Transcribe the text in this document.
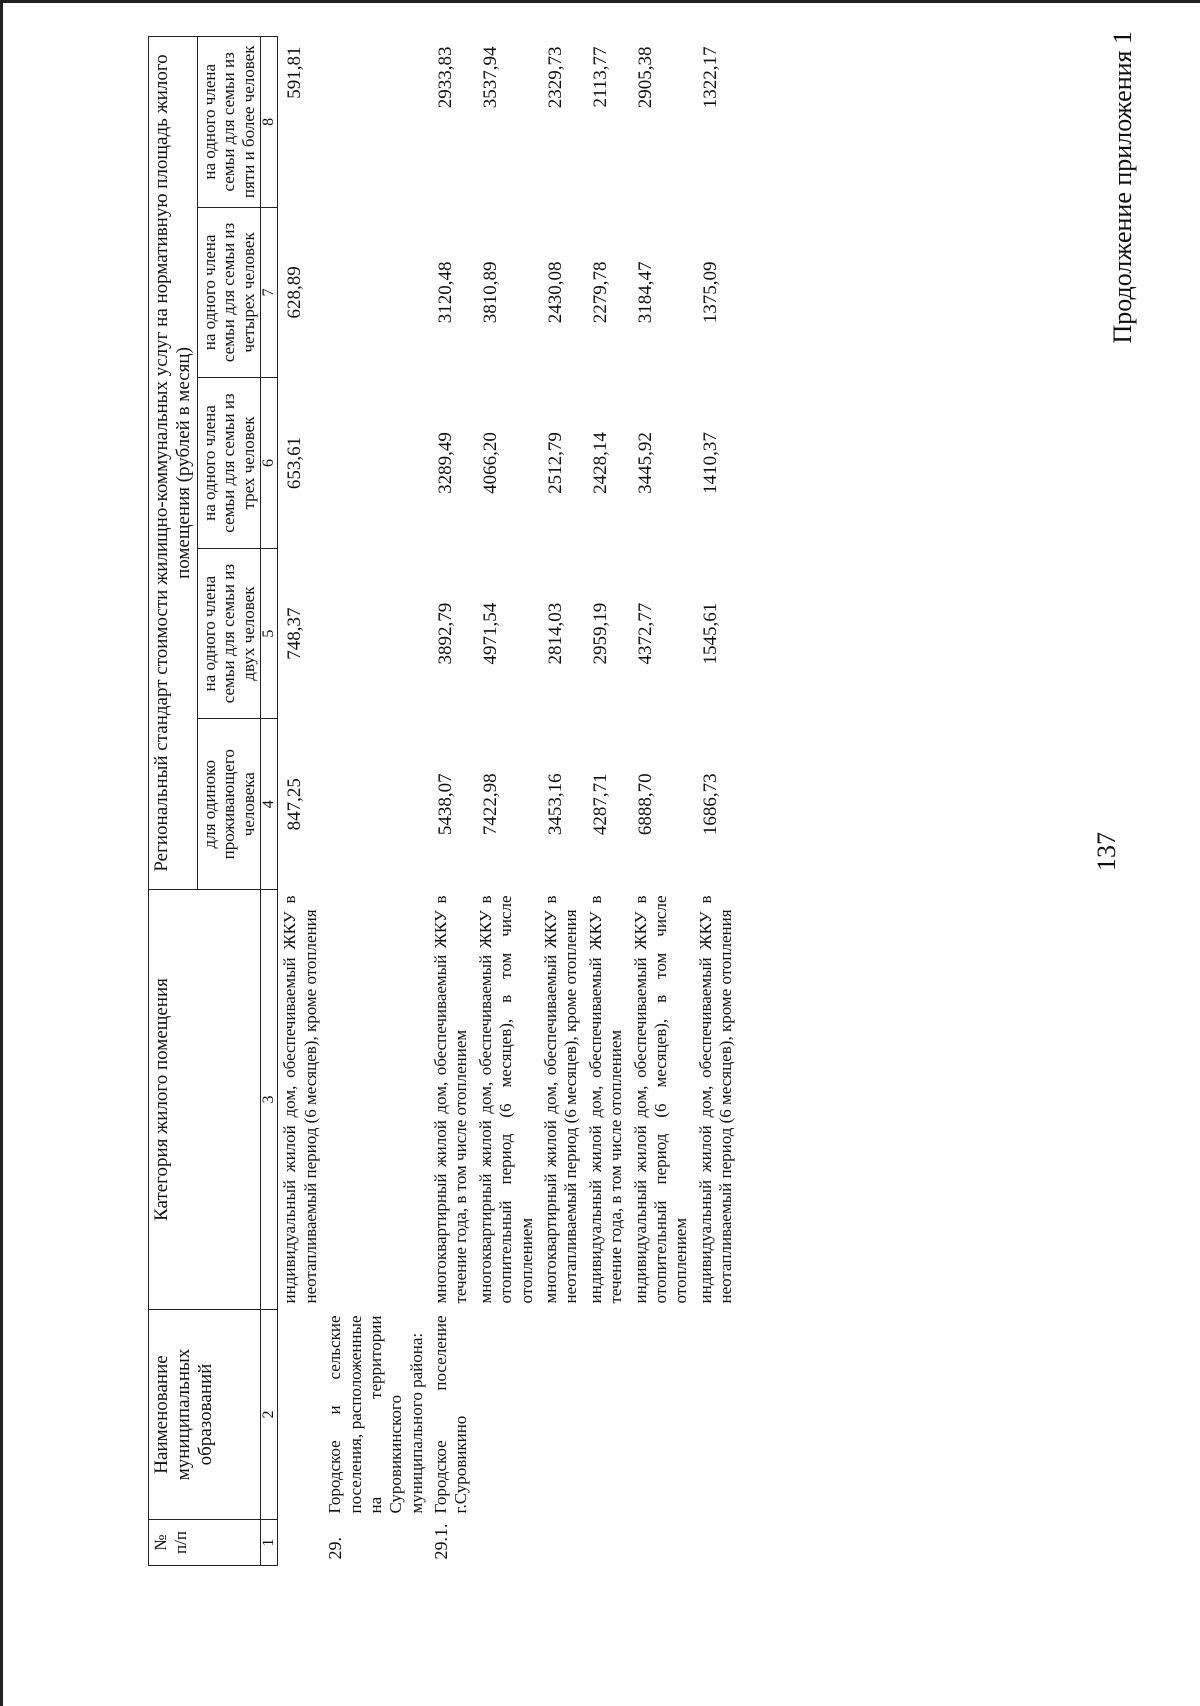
137
Продолжение приложения 1
№ п/п	Наименование муниципальных образований	Категория жилого помещения	Региональный стандарт стоимости жилищно-коммунальных услуг на нормативную площадь жилого помещения (рублей в месяц)				
			для одиноко проживающего человека	на одного члена семьи для семьи из двух человек	на одного члена семьи для семьи из трех человек	на одного члена семьи для семьи из четырех человек	на одного члена семьи для семьи из пяти и более человек
1	2	3	4	5	6	7	8
		индивидуальный жилой дом, обеспечиваемый ЖКУ в неотапливаемый период (6 месяцев), кроме отопления	847,25	748,37	653,61	628,89	591,81
29.	Городское и сельские поселения, расположенные на территории Суровикинского муниципального района:						
29.1.	Городское поселение г.Суровикино	многоквартирный жилой дом, обеспечиваемый ЖКУ в течение года, в том числе отоплением	5438,07	3892,79	3289,49	3120,48	2933,83
		многоквартирный жилой дом, обеспечиваемый ЖКУ в отопительный период (6 месяцев), в том числе отоплением	7422,98	4971,54	4066,20	3810,89	3537,94
		многоквартирный жилой дом, обеспечиваемый ЖКУ в неотапливаемый период (6 месяцев), кроме отопления	3453,16	2814,03	2512,79	2430,08	2329,73
		индивидуальный жилой дом, обеспечиваемый ЖКУ в течение года, в том числе отоплением	4287,71	2959,19	2428,14	2279,78	2113,77
		индивидуальный жилой дом, обеспечиваемый ЖКУ в отопительный период (6 месяцев), в том числе отоплением	6888,70	4372,77	3445,92	3184,47	2905,38
		индивидуальный жилой дом, обеспечиваемый ЖКУ в неотапливаемый период (6 месяцев), кроме отопления	1686,73	1545,61	1410,37	1375,09	1322,17
